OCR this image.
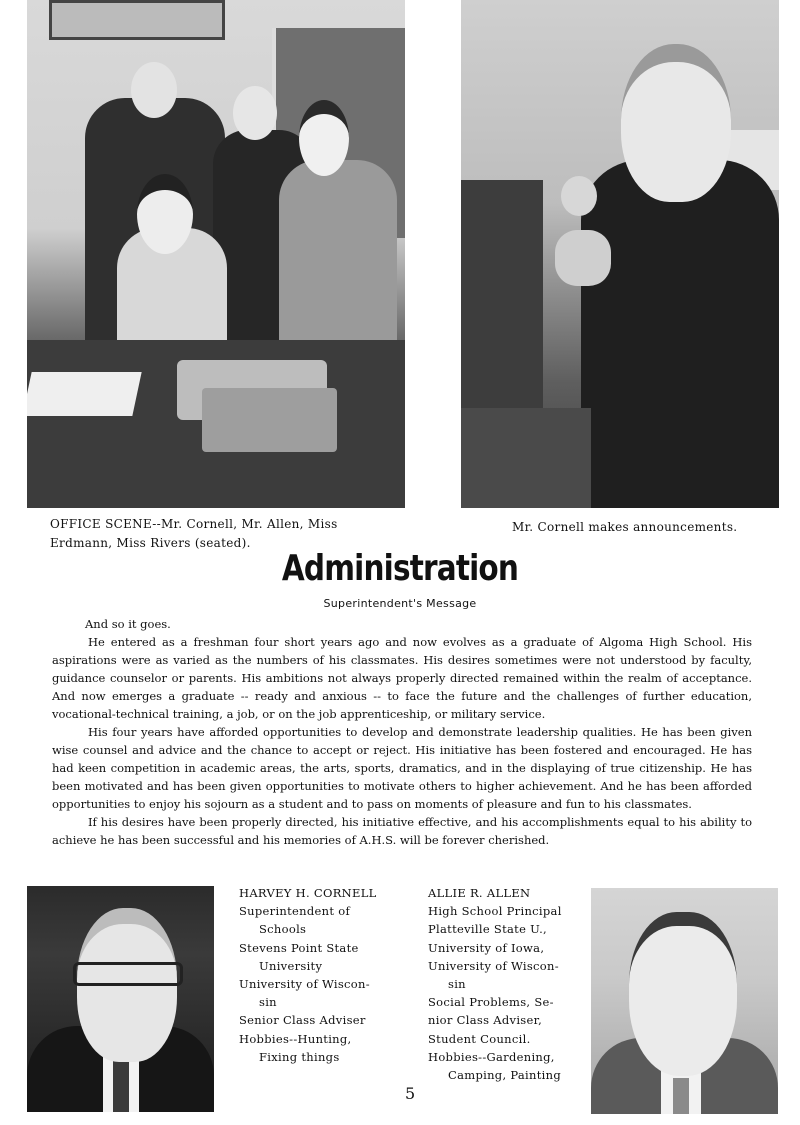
OFFICE SCENE--Mr. Cornell, Mr. Allen, Miss Erdmann, Miss Rivers (seated).
Mr. Cornell makes announcements.
Administration
Superintendent's Message

And so it goes.

He entered as a freshman four short years ago and now evolves as a graduate of Algoma High School. His aspirations were as varied as the numbers of his classmates. His desires sometimes were not understood by faculty, guidance counselor or parents. His ambitions not always properly directed remained within the realm of acceptance. And now emerges a graduate -- ready and anxious -- to face the future and the challenges of further education, vocational-technical training, a job, or on the job apprenticeship, or military service.

His four years have afforded opportunities to develop and demonstrate leadership qualities. He has been given wise counsel and advice and the chance to accept or reject. His initiative has been fostered and encouraged. He has had keen competition in academic areas, the arts, sports, dramatics, and in the displaying of true citizenship. He has been motivated and has been given opportunities to motivate others to higher achievement. And he has been afforded opportunities to enjoy his sojourn as a student and to pass on moments of pleasure and fun to his classmates.

If his desires have been properly directed, his initiative effective, and his accomplishments equal to his ability to achieve he has been successful and his memories of A.H.S. will be forever cherished.

HARVEY H. CORNELL
Superintendent of
Schools
Stevens Point State
University
University of Wiscon-
sin
Senior Class Adviser
Hobbies--Hunting,
Fixing things
ALLIE R. ALLEN
High School Principal
Platteville State U.,
University of Iowa,
University of Wiscon-
sin
Social Problems, Se-
nior Class Adviser,
Student Council.
Hobbies--Gardening,
Camping, Painting
5
